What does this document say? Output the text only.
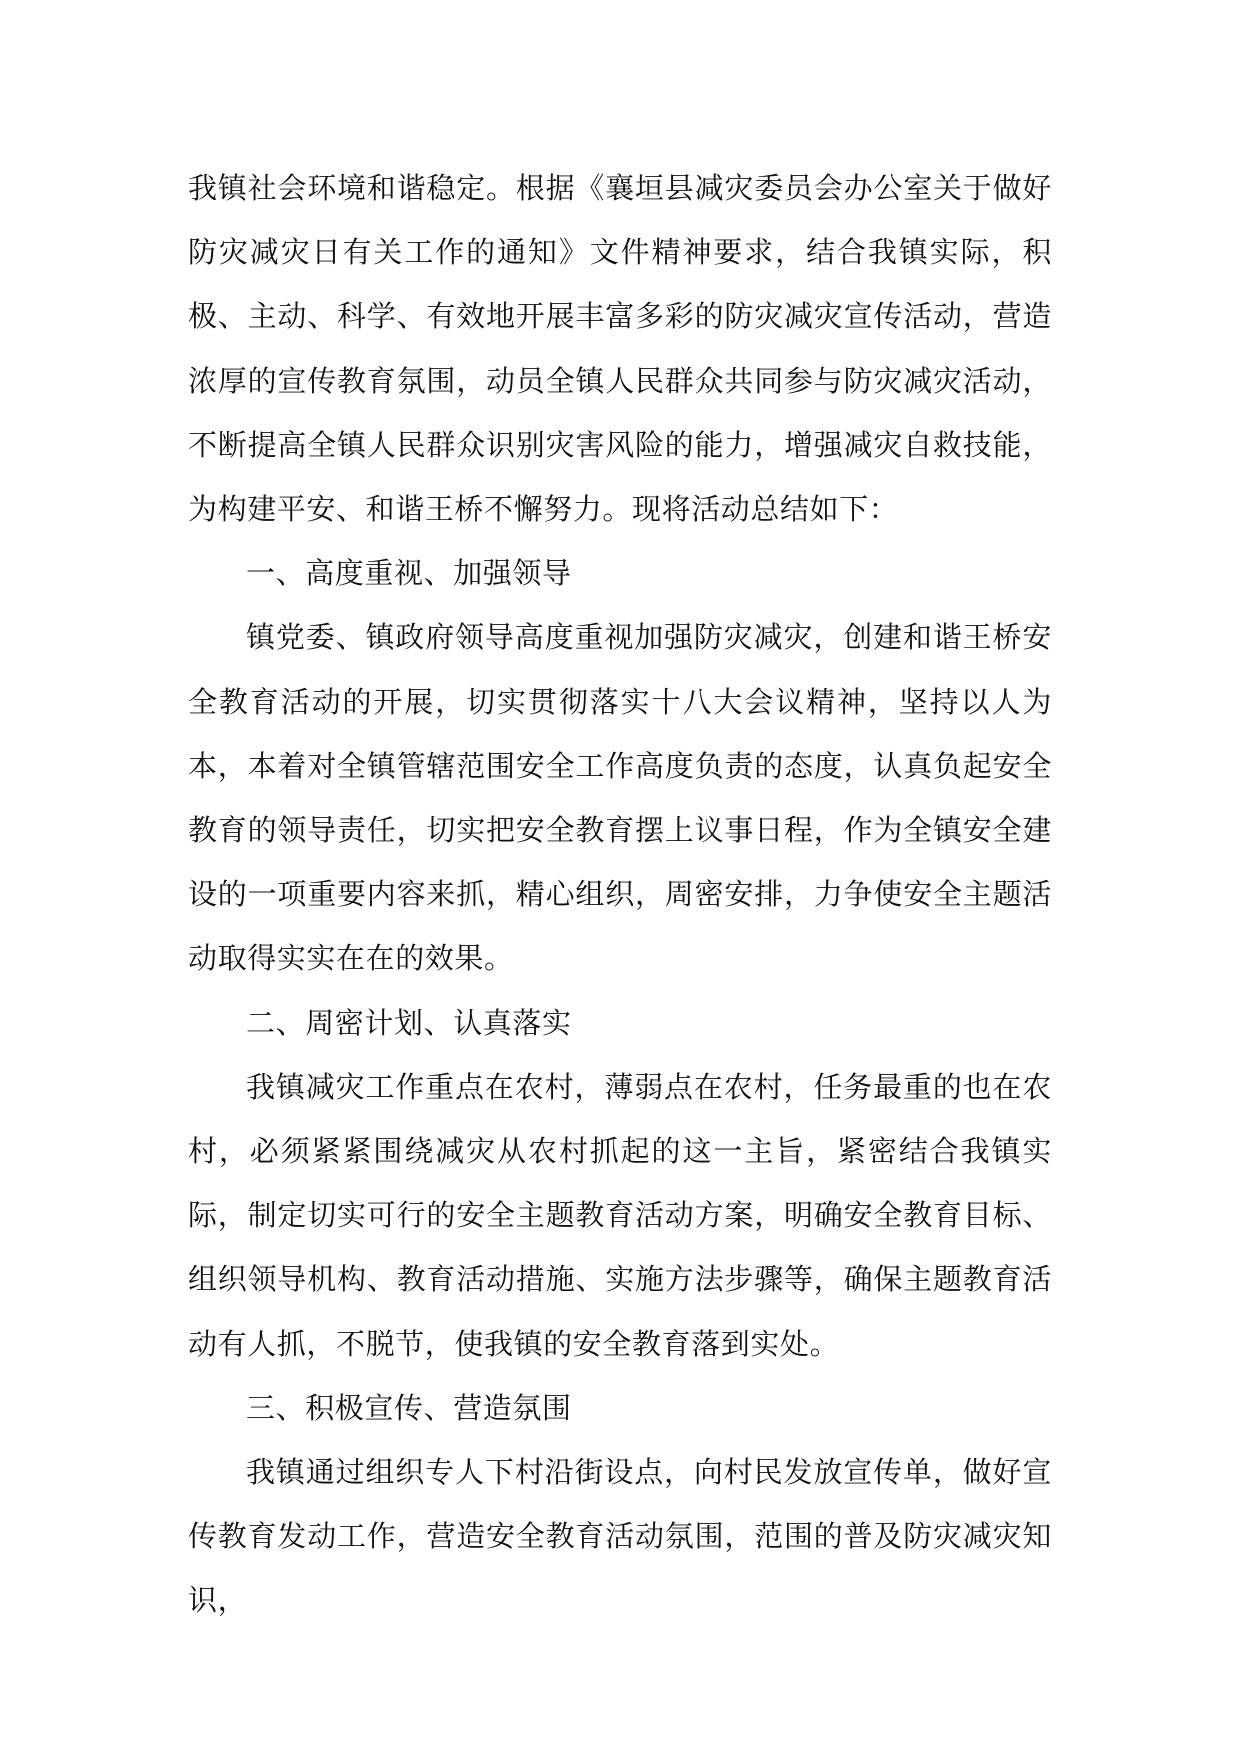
我镇社会环境和谐稳定。根据《襄垣县减灾委员会办公室关于做好防灾减灾日有关工作的通知》文件精神要求，结合我镇实际，积极、主动、科学、有效地开展丰富多彩的防灾减灾宣传活动，营造浓厚的宣传教育氛围，动员全镇人民群众共同参与防灾减灾活动，不断提高全镇人民群众识别灾害风险的能力，增强减灾自救技能，为构建平安、和谐王桥不懈努力。现将活动总结如下：

一、高度重视、加强领导

镇党委、镇政府领导高度重视加强防灾减灾，创建和谐王桥安全教育活动的开展，切实贯彻落实十八大会议精神，坚持以人为本，本着对全镇管辖范围安全工作高度负责的态度，认真负起安全教育的领导责任，切实把安全教育摆上议事日程，作为全镇安全建设的一项重要内容来抓，精心组织，周密安排，力争使安全主题活动取得实实在在的效果。

二、周密计划、认真落实

我镇减灾工作重点在农村，薄弱点在农村，任务最重的也在农村，必须紧紧围绕减灾从农村抓起的这一主旨，紧密结合我镇实际，制定切实可行的安全主题教育活动方案，明确安全教育目标、组织领导机构、教育活动措施、实施方法步骤等，确保主题教育活动有人抓，不脱节，使我镇的安全教育落到实处。

三、积极宣传、营造氛围

我镇通过组织专人下村沿街设点，向村民发放宣传单，做好宣传教育发动工作，营造安全教育活动氛围，范围的普及防灾减灾知识，
